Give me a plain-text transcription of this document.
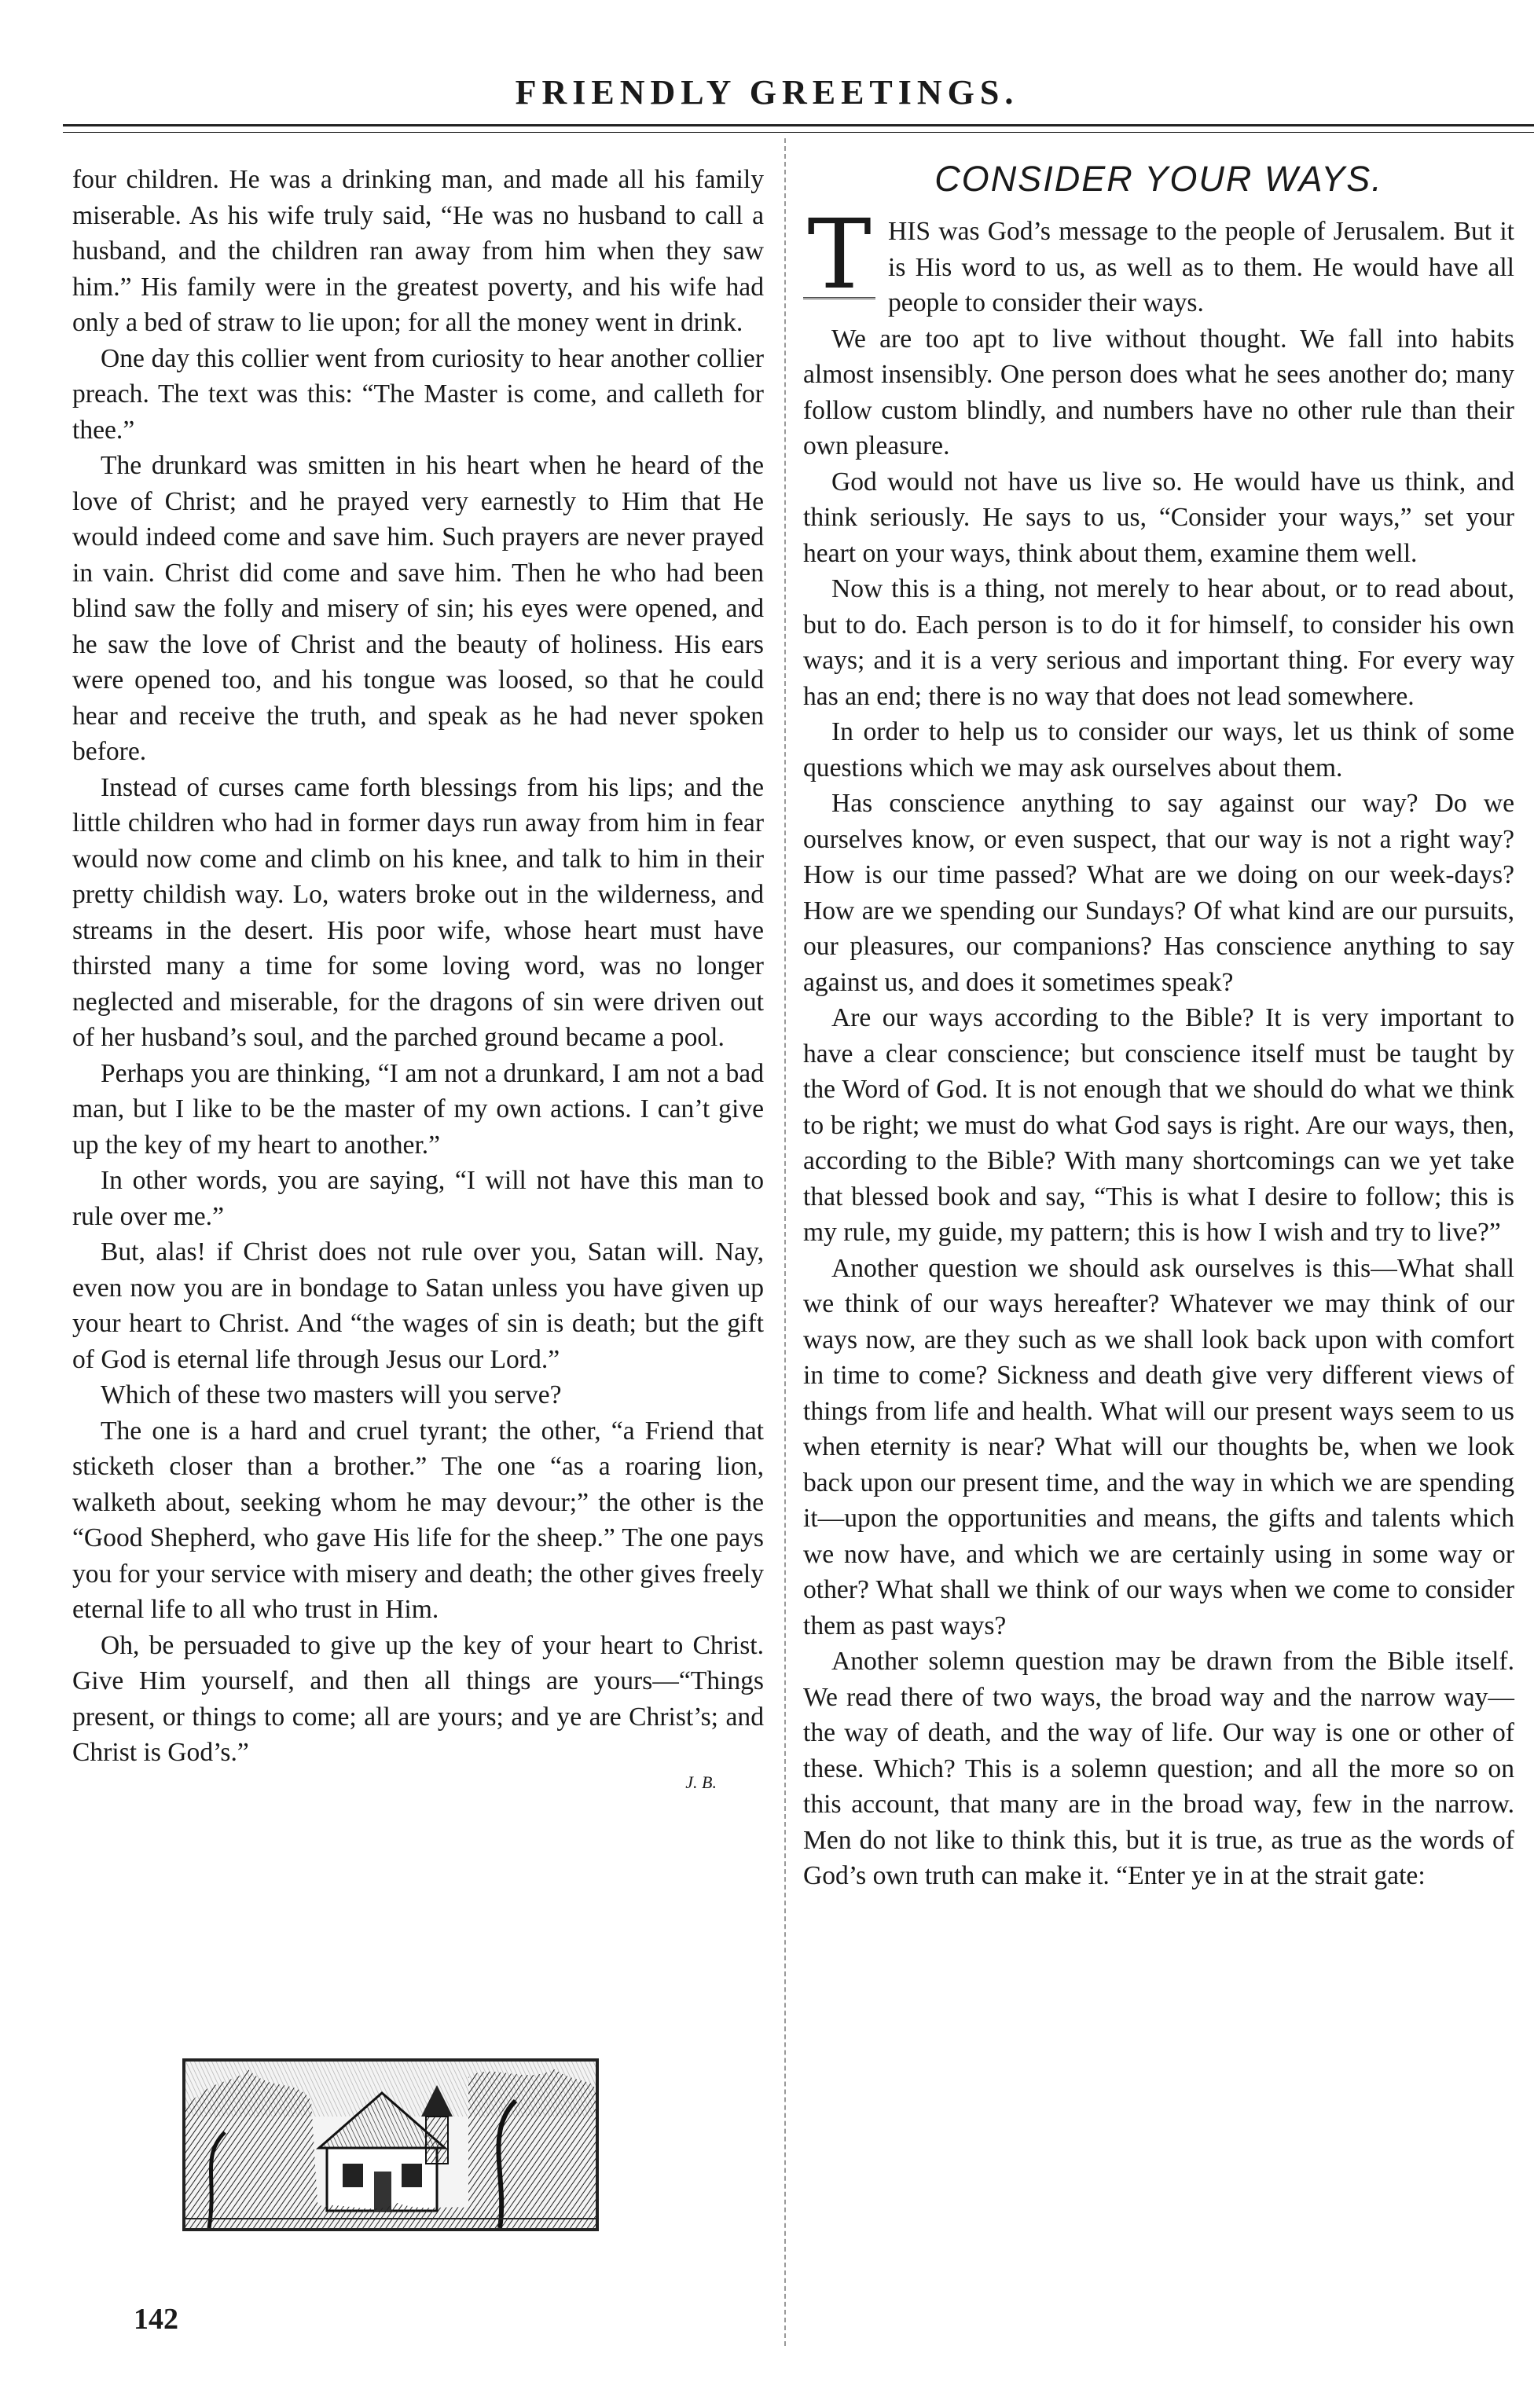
FRIENDLY GREETINGS.

four children. He was a drinking man, and made all his family miserable. As his wife truly said, “He was no husband to call a husband, and the children ran away from him when they saw him.” His family were in the greatest poverty, and his wife had only a bed of straw to lie upon; for all the money went in drink.

One day this collier went from curiosity to hear another collier preach. The text was this: “The Master is come, and calleth for thee.”

The drunkard was smitten in his heart when he heard of the love of Christ; and he prayed very earnestly to Him that He would indeed come and save him. Such prayers are never prayed in vain. Christ did come and save him. Then he who had been blind saw the folly and misery of sin; his eyes were opened, and he saw the love of Christ and the beauty of holiness. His ears were opened too, and his tongue was loosed, so that he could hear and receive the truth, and speak as he had never spoken before.

Instead of curses came forth blessings from his lips; and the little children who had in former days run away from him in fear would now come and climb on his knee, and talk to him in their pretty childish way. Lo, waters broke out in the wilderness, and streams in the desert. His poor wife, whose heart must have thirsted many a time for some loving word, was no longer neglected and miserable, for the dragons of sin were driven out of her husband’s soul, and the parched ground became a pool.

Perhaps you are thinking, “I am not a drunkard, I am not a bad man, but I like to be the master of my own actions. I can’t give up the key of my heart to another.”

In other words, you are saying, “I will not have this man to rule over me.”

But, alas! if Christ does not rule over you, Satan will. Nay, even now you are in bondage to Satan unless you have given up your heart to Christ. And “the wages of sin is death; but the gift of God is eternal life through Jesus our Lord.”

Which of these two masters will you serve?

The one is a hard and cruel tyrant; the other, “a Friend that sticketh closer than a brother.” The one “as a roaring lion, walketh about, seeking whom he may devour;” the other is the “Good Shepherd, who gave His life for the sheep.” The one pays you for your service with misery and death; the other gives freely eternal life to all who trust in Him.

Oh, be persuaded to give up the key of your heart to Christ. Give Him yourself, and then all things are yours—“Things present, or things to come; all are yours; and ye are Christ’s; and Christ is God’s.”

J. B.
142
CONSIDER YOUR WAYS.

T HIS was God’s message to the people of Jerusalem. But it is His word to us, as well as to them. He would have all people to consider their ways.

We are too apt to live without thought. We fall into habits almost insensibly. One person does what he sees another do; many follow custom blindly, and numbers have no other rule than their own pleasure.

God would not have us live so. He would have us think, and think seriously. He says to us, “Consider your ways,” set your heart on your ways, think about them, examine them well.

Now this is a thing, not merely to hear about, or to read about, but to do. Each person is to do it for himself, to consider his own ways; and it is a very serious and important thing. For every way has an end; there is no way that does not lead somewhere.

In order to help us to consider our ways, let us think of some questions which we may ask ourselves about them.

Has conscience anything to say against our way? Do we ourselves know, or even suspect, that our way is not a right way? How is our time passed? What are we doing on our week-days? How are we spending our Sundays? Of what kind are our pursuits, our pleasures, our companions? Has conscience anything to say against us, and does it sometimes speak?

Are our ways according to the Bible? It is very important to have a clear conscience; but conscience itself must be taught by the Word of God. It is not enough that we should do what we think to be right; we must do what God says is right. Are our ways, then, according to the Bible? With many shortcomings can we yet take that blessed book and say, “This is what I desire to follow; this is my rule, my guide, my pattern; this is how I wish and try to live?”

Another question we should ask ourselves is this—What shall we think of our ways hereafter? Whatever we may think of our ways now, are they such as we shall look back upon with comfort in time to come? Sickness and death give very different views of things from life and health. What will our present ways seem to us when eternity is near? What will our thoughts be, when we look back upon our present time, and the way in which we are spending it—upon the opportunities and means, the gifts and talents which we now have, and which we are certainly using in some way or other? What shall we think of our ways when we come to consider them as past ways?

Another solemn question may be drawn from the Bible itself. We read there of two ways, the broad way and the narrow way—the way of death, and the way of life. Our way is one or other of these. Which? This is a solemn question; and all the more so on this account, that many are in the broad way, few in the narrow. Men do not like to think this, but it is true, as true as the words of God’s own truth can make it. “Enter ye in at the strait gate:
